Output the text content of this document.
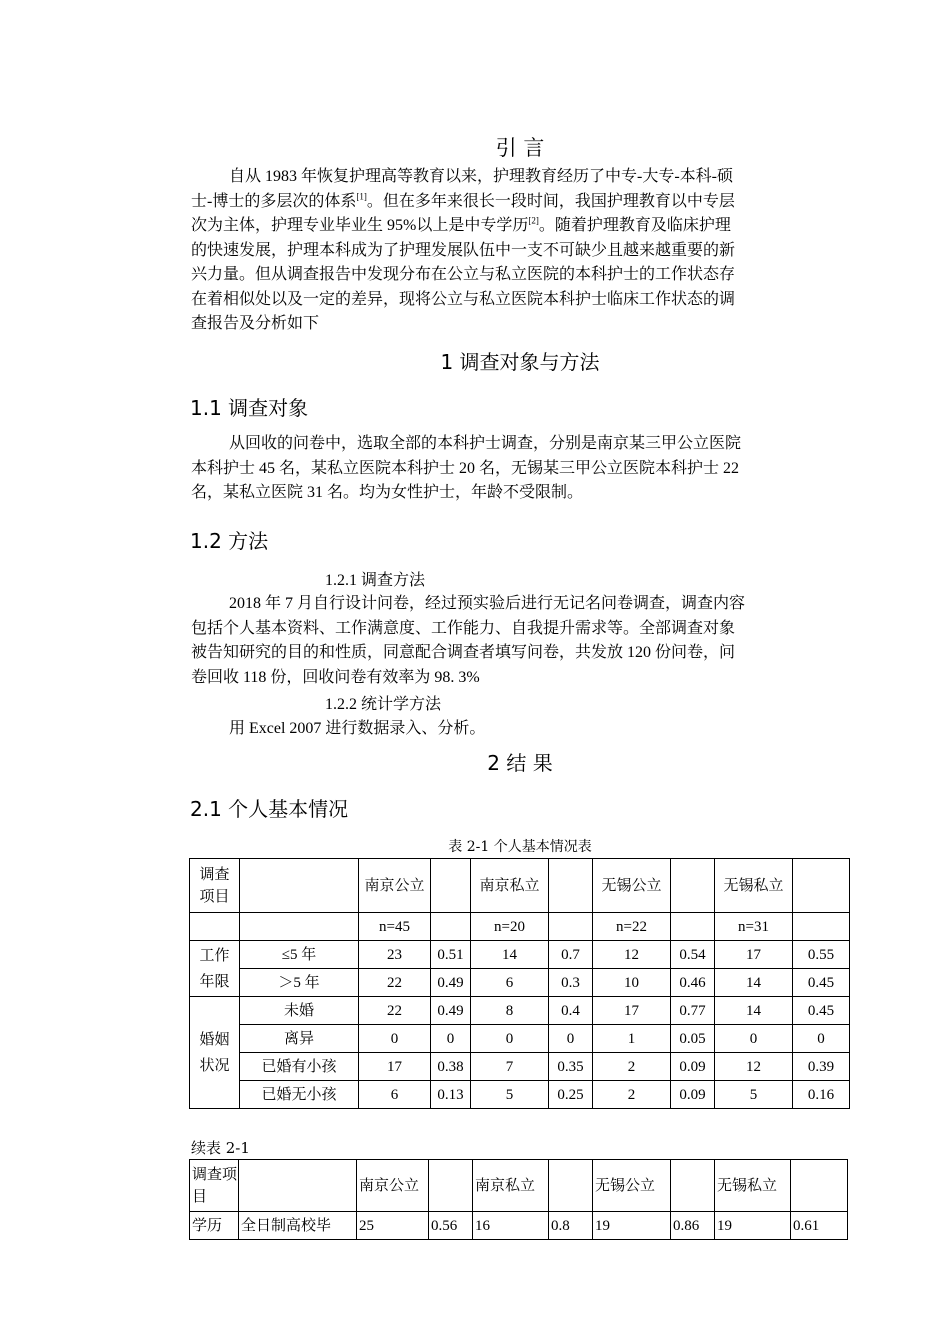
引 言
自从 1983 年恢复护理高等教育以来，护理教育经历了中专-大专-本科-硕
士-博士的多层次的体系[1]。但在多年来很长一段时间，我国护理教育以中专层
次为主体，护理专业毕业生 95%以上是中专学历[2]。随着护理教育及临床护理
的快速发展，护理本科成为了护理发展队伍中一支不可缺少且越来越重要的新
兴力量。但从调查报告中发现分布在公立与私立医院的本科护士的工作状态存
在着相似处以及一定的差异，现将公立与私立医院本科护士临床工作状态的调
查报告及分析如下
1 调查对象与方法
1.1 调查对象
从回收的问卷中，选取全部的本科护士调查，分别是南京某三甲公立医院
本科护士 45 名，某私立医院本科护士 20 名，无锡某三甲公立医院本科护士 22
名，某私立医院 31 名。均为女性护士，年龄不受限制。
1.2 方法
1.2.1 调查方法
2018 年 7 月自行设计问卷，经过预实验后进行无记名问卷调查，调查内容
包括个人基本资料、工作满意度、工作能力、自我提升需求等。全部调查对象
被告知研究的目的和性质，同意配合调查者填写问卷，共发放 120 份问卷，问
卷回收 118 份，回收问卷有效率为 98. 3%
1.2.2 统计学方法
用 Excel 2007 进行数据录入、分析。
2 结 果
2.1 个人基本情况
表 2-1 个人基本情况表
调查项目		南京公立		南京私立		无锡公立		无锡私立	
		n=45		n=20		n=22		n=31	
工作年限	≤5 年	23	0.51	14	0.7	12	0.54	17	0.55
	＞5 年	22	0.49	6	0.3	10	0.46	14	0.45
婚姻状况	未婚	22	0.49	8	0.4	17	0.77	14	0.45
	离异	0	0	0	0	1	0.05	0	0
	已婚有小孩	17	0.38	7	0.35	2	0.09	12	0.39
	已婚无小孩	6	0.13	5	0.25	2	0.09	5	0.16
续表 2-1
调查项目		南京公立		南京私立		无锡公立		无锡私立	
学历	全日制高校毕	25	0.56	16	0.8	19	0.86	19	0.61
